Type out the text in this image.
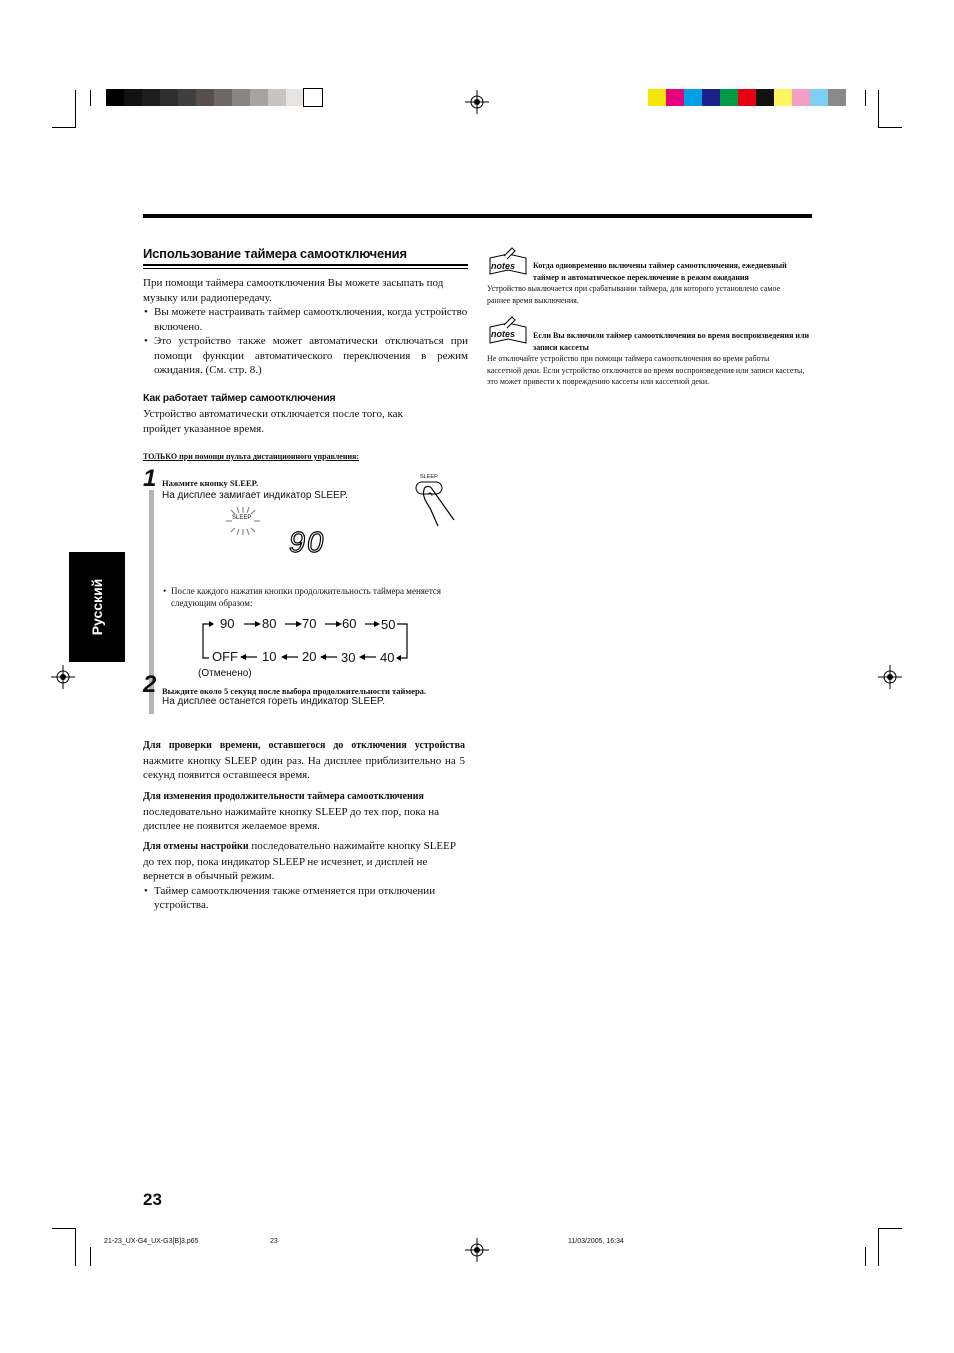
Русский
Использование таймера самоотключения
При помощи таймера самоотключения Вы можете засыпать под музыку или радиопередачу.
• Вы можете настраивать таймер самоотключения, когда устройство включено.
• Это устройство также может автоматически отключаться при помощи функции автоматического переключения в режим ожидания. (См. стр. 8.)
Как работает таймер самоотключения
Устройство автоматически отключается после того, как пройдет указанное время.
ТОЛЬКО при помощи пульта дистанционного управления:
1 Нажмите кнопку SLEEP.
На дисплее замигает индикатор SLEEP.
SLEEP
90
SLEEP
• После каждого нажатия кнопки продолжительность таймера меняется следующим образом:
90 80 70 60 50
OFF 10 20 30 40
(Отменено)
2 Выждите около 5 секунд после выбора продолжительности таймера.
На дисплее останется гореть индикатор SLEEP.
Для проверки времени, оставшегося до отключения устройства нажмите кнопку SLEEP один раз. На дисплее приблизительно на 5 секунд появится оставшееся время.
Для изменения продолжительности таймера самоотключения последовательно нажимайте кнопку SLEEP до тех пор, пока на дисплее не появится желаемое время.
Для отмены настройки последовательно нажимайте кнопку SLEEP до тех пор, пока индикатор SLEEP не исчезнет, и дисплей не вернется в обычный режим.
• Таймер самоотключения также отменяется при отключении устройства.
notes	Когда одновременно включены таймер самоотключения, ежедневный таймер и автоматическое переключение в режим ожидания
Устройство выключается при срабатывании таймера, для которого установлено самое раннее время выключения.
notes	Если Вы включили таймер самоотключения во время воспроизведения или записи кассеты
Не отключайте устройство при помощи таймера самоотключения во время работы кассетной деки. Если устройство отключится во время воспроизведения или записи кассеты, это может привести к повреждению кассеты или кассетной деки.
23
21-23_UX-G4_UX-G3[B]3.p65	23	11/03/2005, 16:34
